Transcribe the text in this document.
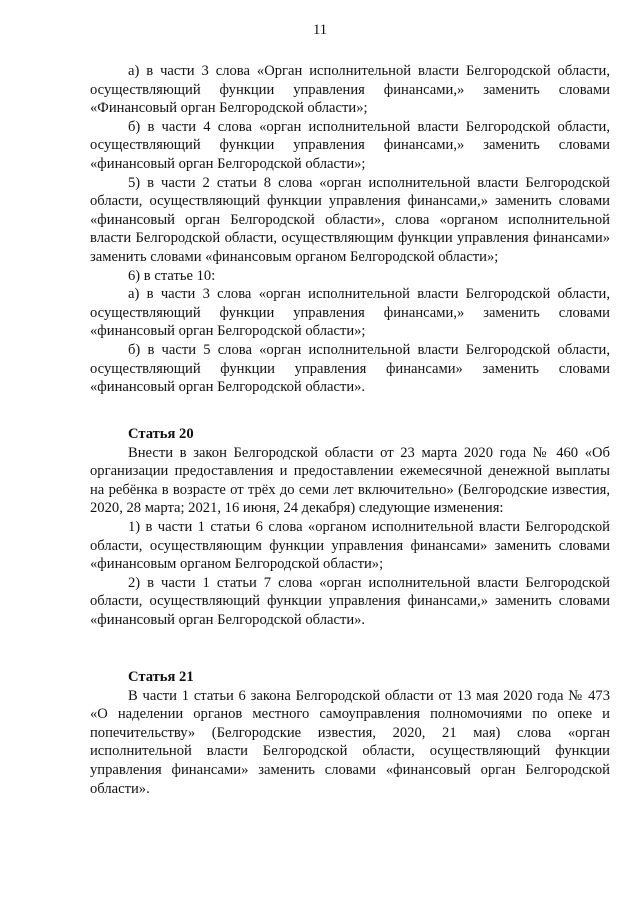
11

а) в части 3 слова «Орган исполнительной власти Белгородской области, осуществляющий функции управления финансами,» заменить словами «Финансовый орган Белгородской области»;

б) в части 4 слова «орган исполнительной власти Белгородской области, осуществляющий функции управления финансами,» заменить словами «финансовый орган Белгородской области»;

5) в части 2 статьи 8 слова «орган исполнительной власти Белгородской области, осуществляющий функции управления финансами,» заменить словами «финансовый орган Белгородской области», слова «органом исполнительной власти Белгородской области, осуществляющим функции управления финансами» заменить словами «финансовым органом Белгородской области»;

6) в статье 10:

а) в части 3 слова «орган исполнительной власти Белгородской области, осуществляющий функции управления финансами,» заменить словами «финансовый орган Белгородской области»;

б) в части 5 слова «орган исполнительной власти Белгородской области, осуществляющий функции управления финансами» заменить словами «финансовый орган Белгородской области».

Статья 20

Внести в закон Белгородской области от 23 марта 2020 года № 460 «Об организации предоставления и предоставлении ежемесячной денежной выплаты на ребёнка в возрасте от трёх до семи лет включительно» (Белгородские известия, 2020, 28 марта; 2021, 16 июня, 24 декабря) следующие изменения:

1) в части 1 статьи 6 слова «органом исполнительной власти Белгородской области, осуществляющим функции управления финансами» заменить словами «финансовым органом Белгородской области»;

2) в части 1 статьи 7 слова «орган исполнительной власти Белгородской области, осуществляющий функции управления финансами,» заменить словами «финансовый орган Белгородской области».

Статья 21

В части 1 статьи 6 закона Белгородской области от 13 мая 2020 года № 473 «О наделении органов местного самоуправления полномочиями по опеке и попечительству» (Белгородские известия, 2020, 21 мая) слова «орган исполнительной власти Белгородской области, осуществляющий функции управления финансами» заменить словами «финансовый орган Белгородской области».
